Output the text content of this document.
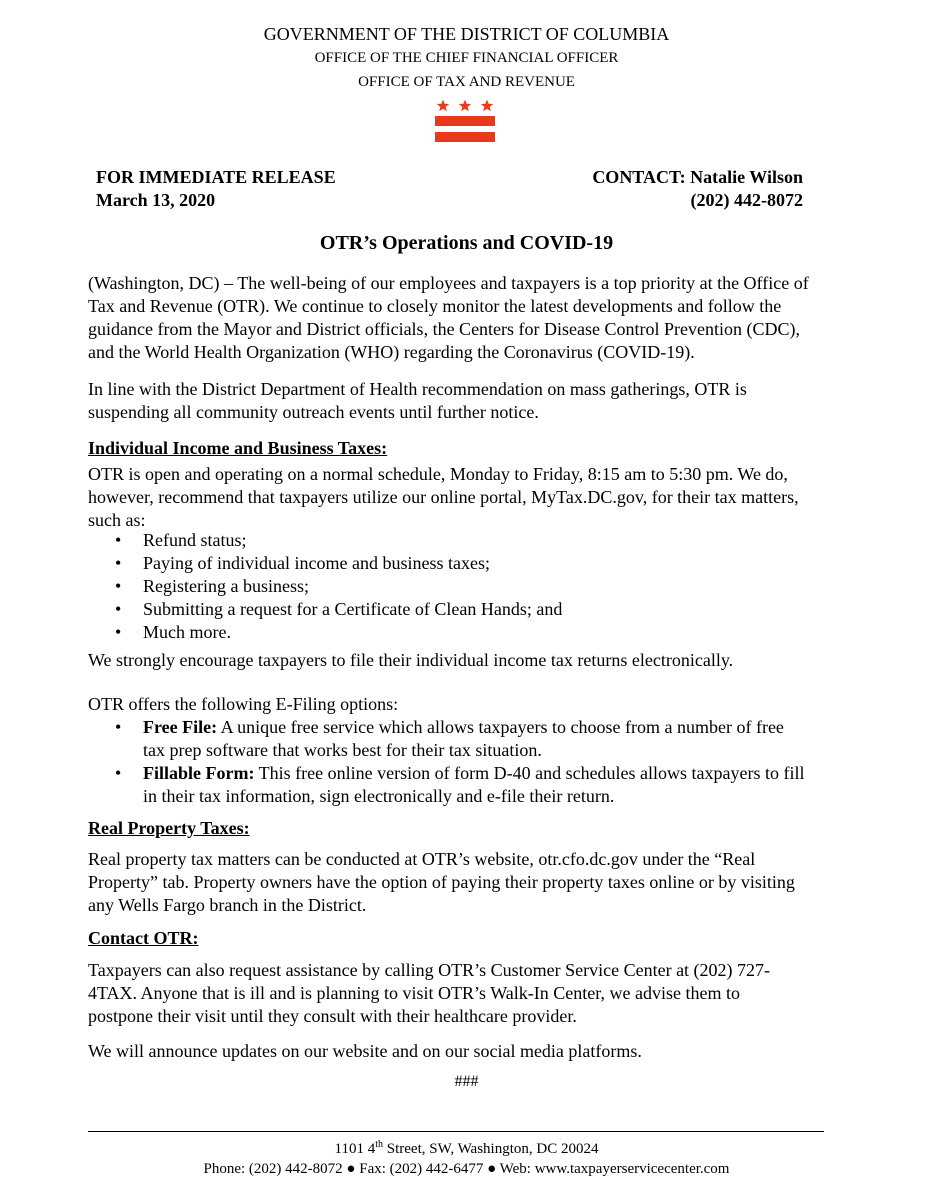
GOVERNMENT OF THE DISTRICT OF COLUMBIA
OFFICE OF THE CHIEF FINANCIAL OFFICER
OFFICE OF TAX AND REVENUE
FOR IMMEDIATE RELEASE
March 13, 2020
CONTACT: Natalie Wilson
(202) 442-8072
OTR’s Operations and COVID-19
(Washington, DC) – The well-being of our employees and taxpayers is a top priority at the Office of
Tax and Revenue (OTR). We continue to closely monitor the latest developments and follow the
guidance from the Mayor and District officials, the Centers for Disease Control Prevention (CDC),
and the World Health Organization (WHO) regarding the Coronavirus (COVID-19).
In line with the District Department of Health recommendation on mass gatherings, OTR is
suspending all community outreach events until further notice.
Individual Income and Business Taxes:
OTR is open and operating on a normal schedule, Monday to Friday, 8:15 am to 5:30 pm. We do,
however, recommend that taxpayers utilize our online portal, MyTax.DC.gov, for their tax matters,
such as:
• Refund status;
• Paying of individual income and business taxes;
• Registering a business;
• Submitting a request for a Certificate of Clean Hands; and
• Much more.
We strongly encourage taxpayers to file their individual income tax returns electronically.
OTR offers the following E-Filing options:
• Free File: A unique free service which allows taxpayers to choose from a number of free
tax prep software that works best for their tax situation.
• Fillable Form: This free online version of form D-40 and schedules allows taxpayers to fill
in their tax information, sign electronically and e-file their return.
Real Property Taxes:
Real property tax matters can be conducted at OTR’s website, otr.cfo.dc.gov under the “Real
Property” tab. Property owners have the option of paying their property taxes online or by visiting
any Wells Fargo branch in the District.
Contact OTR:
Taxpayers can also request assistance by calling OTR’s Customer Service Center at (202) 727-
4TAX. Anyone that is ill and is planning to visit OTR’s Walk-In Center, we advise them to
postpone their visit until they consult with their healthcare provider.
We will announce updates on our website and on our social media platforms.
###
1101 4th Street, SW, Washington, DC 20024
Phone: (202) 442-8072 ● Fax: (202) 442-6477 ● Web: www.taxpayerservicecenter.com
